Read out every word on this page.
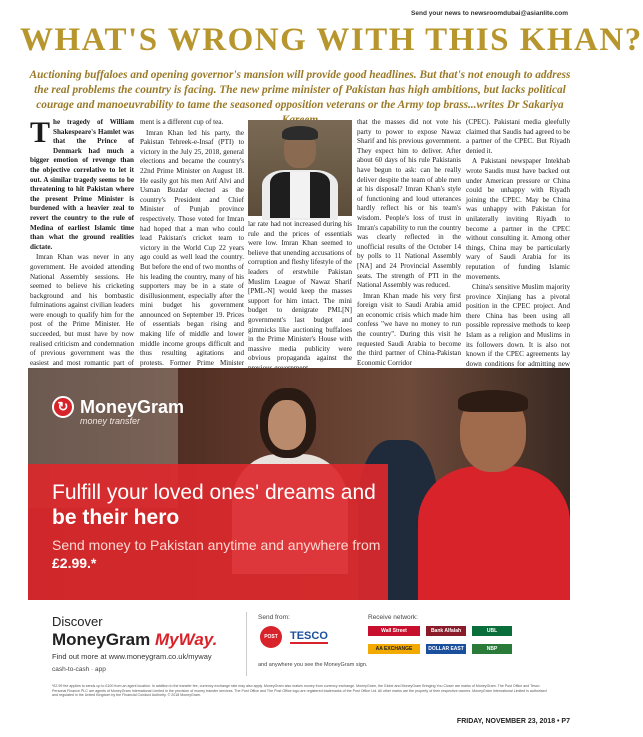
Send your news to newsroomdubai@asianlite.com
WHAT'S WRONG WITH THIS KHAN?
Auctioning buffaloes and opening governor's mansion will provide good headlines. But that's not enough to address the real problems the country is facing. The new prime minister of Pakistan has high ambitions, but lacks political courage and manoeuvrability to tame the seasoned opposition veterans or the Army top brass...writes Dr Sakariya
T he tragedy of William Shakespeare's Hamlet was that the Prince of Denmark had much a bigger emotion of revenge than the objective correlative to let it out. A similar tragedy seems to be threatening to hit Pakistan where the present Prime Minister is burdened with a heavier zeal to revert the country to the rule of Medina of earliest Islamic time than what the ground realities dictate.

Imran Khan was never in any government. He avoided attending National Assembly sessions. He seemed to believe his cricketing background and his bombastic fulminations against civilian leaders were enough to qualify him for the post of the Prime Minister. He succeeded, but must have by now realised criticism and condemnation of previous government was the easiest and most romantic part of

ment is a different cup of tea.

Imran Khan led his party, the Pakistan Tehreek-e-Insaf (PTI) to victory in the July 25, 2018, general elections and became the country's 22nd Prime Minister on August 18. He easily got his men Arif Alvi and Usman Buzdar elected as the country's President and Chief Minister of Punjab province respectively. Those voted for Imran had hoped that a man who could lead Pakistan's cricket team to victory in the World Cup 22 years ago could as well lead the country. But before the end of two months of his leading the country, many of his supporters may be in a state of disillusionment, especially after the mini budget his government announced on September 19. Prices of essentials began rising and making life of middle and lower middle income groups difficult and thus resulting agitations and protests. Former Prime Minister

lar rate had not increased during his rule and the prices of essentials were low. Imran Khan seemed to believe that unending accusations of corruption and fleshy lifestyle of the leaders of erstwhile Pakistan Muslim League of Nawaz Sharif [PML-N] would keep the masses support for him intact. The mini budget to denigrate PML[N] government's last budget and gimmicks like auctioning buffaloes in the Prime Minister's House with massive media publicity were obvious propaganda against the

that the masses did not vote his party to power to expose Nawaz Sharif and his previous government. They expect him to deliver. After about 60 days of his rule Pakistanis have begun to ask: can he really deliver despite the team of able men at his disposal? Imran Khan's style of functioning and loud utterances hardly reflect his or his team's wisdom. People's loss of trust in Imran's capability to run the country was clearly reflected in the unofficial results of the October 14 by polls to 11 National Assembly [NA] and 24 Provincial Assembly seats. The strength of PTI in the National Assembly was reduced.

Imran Khan made his very first foreign visit to Saudi Arabia amid an economic crisis which made him confess "we have no money to run the country". During this visit he requested Saudi Arabia to become the third partner of China-Pakistan Economic Corridor

(CPEC). Pakistani media gleefully claimed that Saudis had agreed to be a partner of the CPEC. But Riyadh denied it.

A Pakistani newspaper Intekhab wrote Saudis must have backed out under American pressure or China could be unhappy with Riyadh joining the CPEC. May be China was unhappy with Pakistan for unilaterally inviting Riyadh to become a partner in the CPEC without consulting it. Among other things, China may be particularly wary of Saudi Arabia for its reputation of funding Islamic movements.

China's sensitive Muslim majority province Xinjiang has a pivotal position in the CPEC project. And there China has been using all possible repressive methods to keep Islam as a religion and Muslims in its followers down. It is also not known if the CPEC agreements lay down conditions for admitting new

↻ MoneyGram
money transfer
Fulfill your loved ones' dreams and be their hero
Send money to Pakistan anytime and anywhere from £2.99.*
Discover
MoneyGram MyWay.
Find out more at www.moneygram.co.uk/myway
cash-to-cash · app
Send from:
POST OFFICE
TESCO
and anywhere you see the MoneyGram sign.
Receive network:
Wall Street	Bank Alfalah	UBL
AA EXCHANGE	DOLLAR EAST	NBP
*£2.99 fee applies to sends up to £100 from an agent location. In addition to the transfer fee, currency exchange rate may also apply. MoneyGram also makes money from currency exchange. MoneyGram, the Globe and MoneyGram Bringing You Closer are marks of MoneyGram. The Post Office and Tesco Personal Finance PLC are agents of MoneyGram International Limited in the provision of money transfer services. The Post Office and The Post Office logo are registered trademarks of the Post Office Ltd. All other marks are the property of their respective owners. MoneyGram International Limited is authorised and regulated in the United Kingdom by the Financial Conduct Authority. © 2018 MoneyGram.
FRIDAY, NOVEMBER 23, 2018 • P7
